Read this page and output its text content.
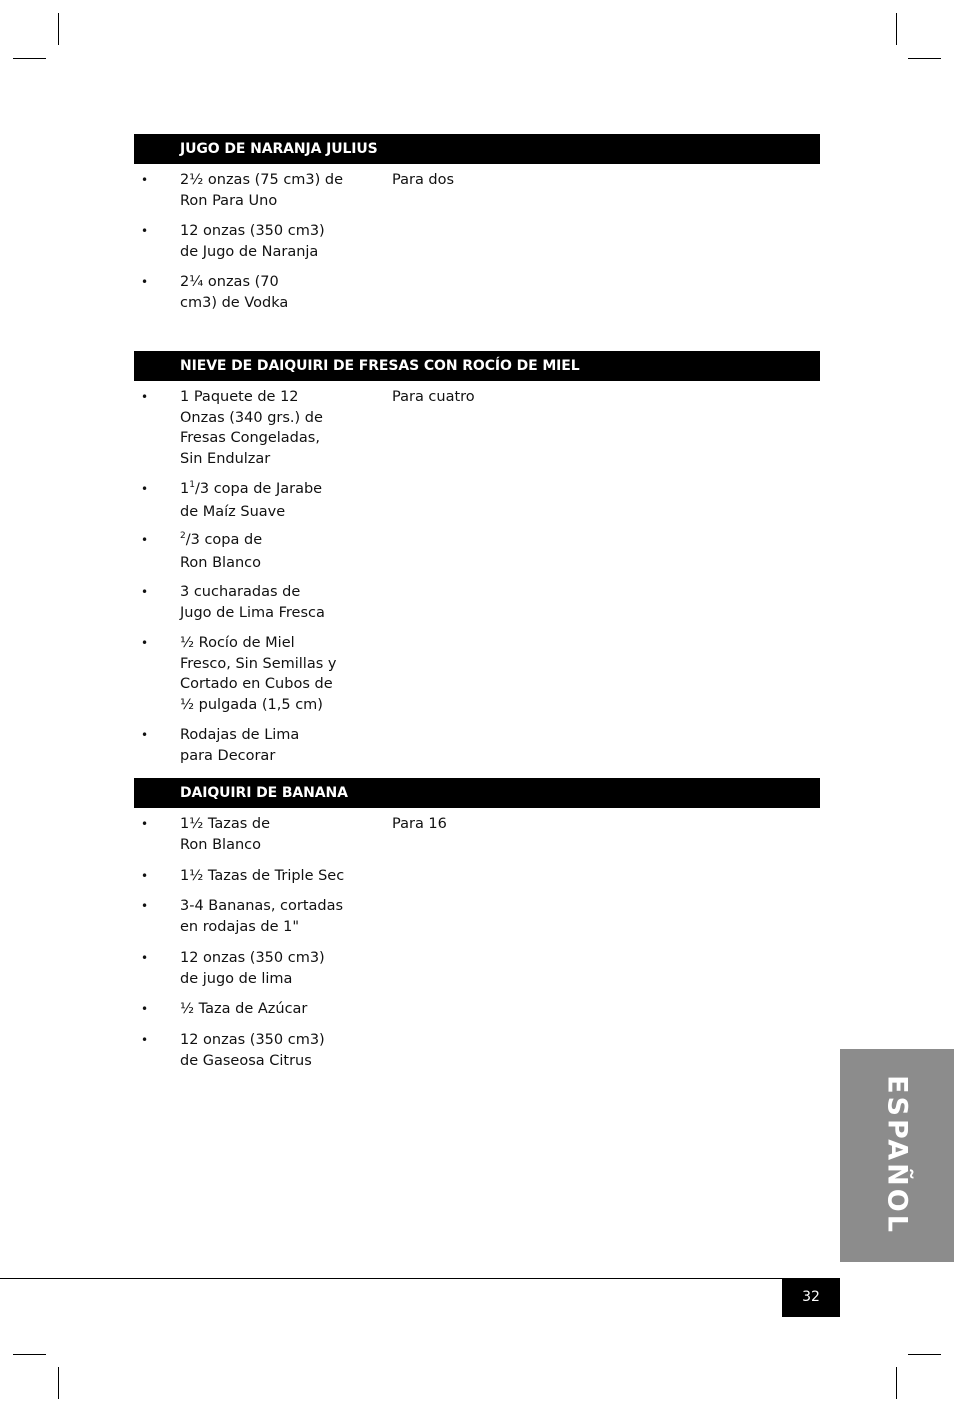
JUGO DE NARANJA JULIUS
Para dos
• 2½ onzas (75 cm3) de
Ron Para Uno
• 12 onzas (350 cm3)
de Jugo de Naranja
• 2¼ onzas (70
cm3) de Vodka
NIEVE DE DAIQUIRI DE FRESAS CON ROCÍO DE MIEL
Para cuatro
• 1 Paquete de 12
Onzas (340 grs.) de
Fresas Congeladas,
Sin Endulzar
• $1^1/3$ copa de Jarabe
de Maíz Suave
•	$^2$/3 copa de
Ron Blanco
• 3 cucharadas de
Jugo de Lima Fresca
• ½ Rocío de Miel
Fresco, Sin Semillas y
Cortado en Cubos de
½ pulgada (1,5 cm)
• Rodajas de Lima
para Decorar
DAIQUIRI DE BANANA
Para 16
• 1½ Tazas de
Ron Blanco
• 1½ Tazas de Triple Sec
• 3-4 Bananas, cortadas
en rodajas de 1"
• 12 onzas (350 cm3)
de jugo de lima
• ½ Taza de Azúcar
• 12 onzas (350 cm3)
de Gaseosa Citrus
ESPAÑOL
32
